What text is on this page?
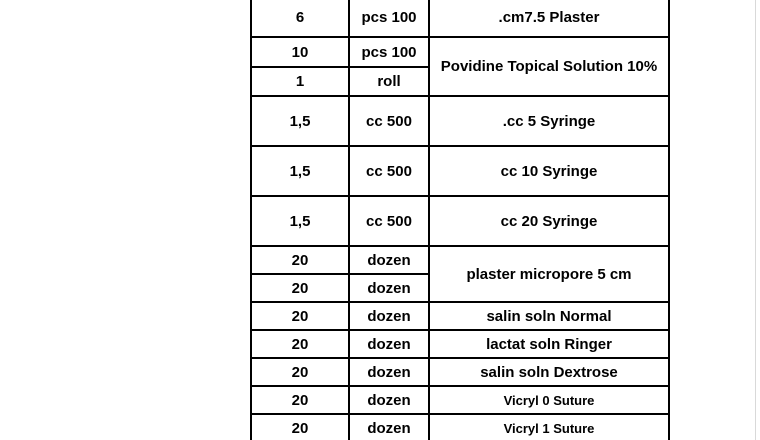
6	pcs 100	.cm7.5 Plaster
10	pcs 100	Povidine Topical Solution 10%
1	roll	
1,5	cc 500	.cc 5 Syringe
1,5	cc 500	cc 10 Syringe
1,5	cc 500	cc 20 Syringe
20	dozen	plaster micropore 5 cm
20	dozen	
20	dozen	salin soln Normal
20	dozen	lactat soln Ringer
20	dozen	salin soln Dextrose
20	dozen	Vicryl 0 Suture
20	dozen	Vicryl 1 Suture
